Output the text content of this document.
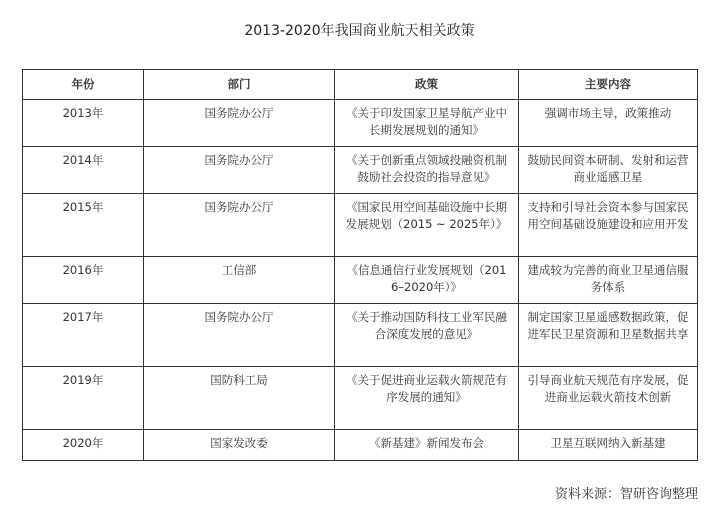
2013-2020年我国商业航天相关政策
年份	部门	政策	主要内容
2013年	国务院办公厅	《关于印发国家卫星导航产业中长期发展规划的通知》	强调市场主导，政策推动
2014年	国务院办公厅	《关于创新重点领域投融资机制鼓励社会投资的指导意见》	鼓励民间资本研制、发射和运营商业遥感卫星
2015年	国务院办公厅	《国家民用空间基础设施中长期发展规划（2015 ~ 2025年）》	支持和引导社会资本参与国家民用空间基础设施建设和应用开发
2016年	工信部	《信息通信行业发展规划（2016–2020年）》	建成较为完善的商业卫星通信服务体系
2017年	国务院办公厅	《关于推动国防科技工业军民融合深度发展的意见》	制定国家卫星遥感数据政策，促进军民卫星资源和卫星数据共享
2019年	国防科工局	《关于促进商业运载火箭规范有序发展的通知》	引导商业航天规范有序发展，促进商业运载火箭技术创新
2020年	国家发改委	《新基建》新闻发布会	卫星互联网纳入新基建
资料来源：智研咨询整理
